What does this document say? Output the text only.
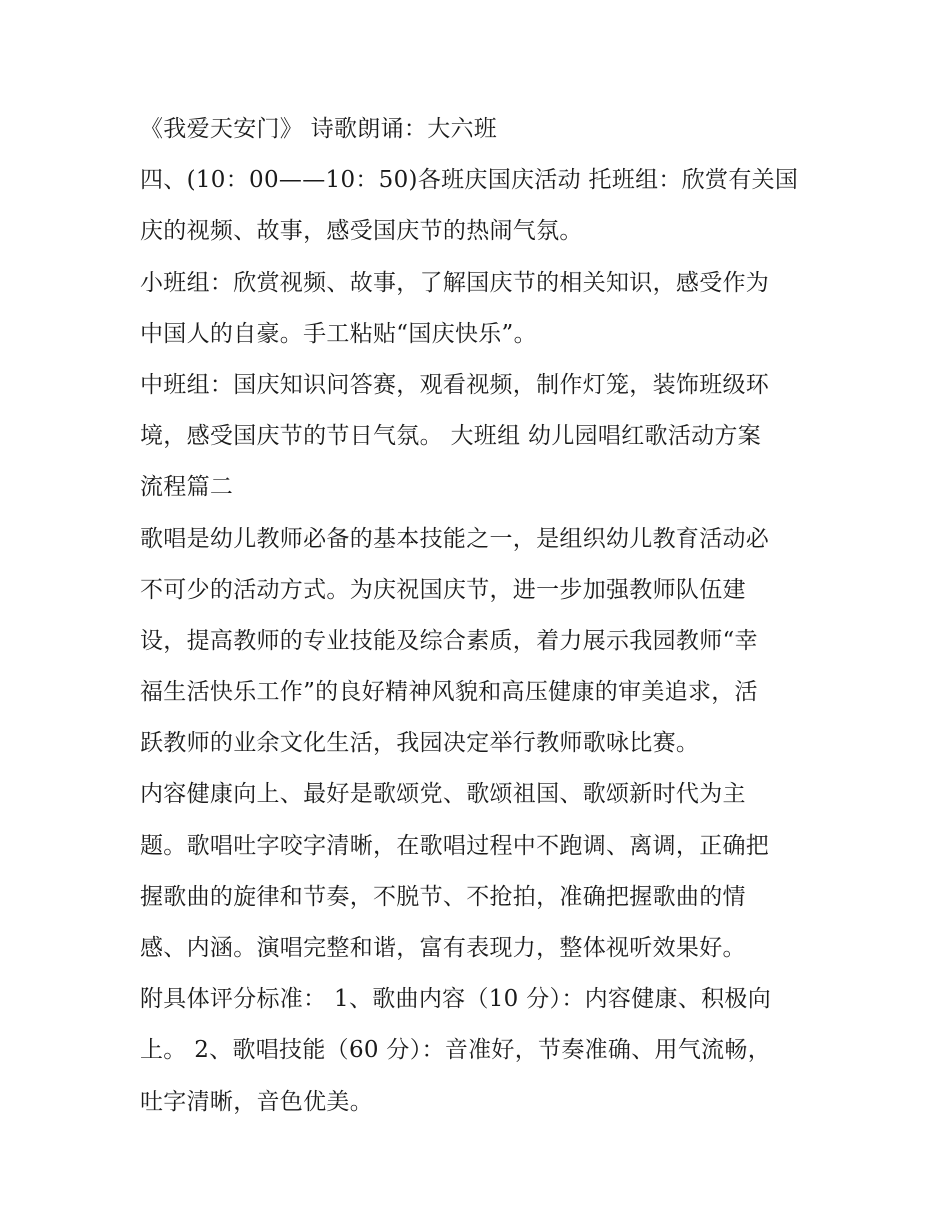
《我爱天安门》 诗歌朗诵：大六班
四、(10：00——10：50)各班庆国庆活动 托班组：欣赏有关国
庆的视频、故事，感受国庆节的热闹气氛。
小班组：欣赏视频、故事，了解国庆节的相关知识，感受作为
中国人的自豪。手工粘贴“国庆快乐”。
中班组：国庆知识问答赛，观看视频，制作灯笼，装饰班级环
境，感受国庆节的节日气氛。 大班组 幼儿园唱红歌活动方案
流程篇二
歌唱是幼儿教师必备的基本技能之一，是组织幼儿教育活动必
不可少的活动方式。为庆祝国庆节，进一步加强教师队伍建
设，提高教师的专业技能及综合素质，着力展示我园教师“幸
福生活快乐工作”的良好精神风貌和高压健康的审美追求，活
跃教师的业余文化生活，我园决定举行教师歌咏比赛。
内容健康向上、最好是歌颂党、歌颂祖国、歌颂新时代为主
题。歌唱吐字咬字清晰，在歌唱过程中不跑调、离调，正确把
握歌曲的旋律和节奏，不脱节、不抢拍，准确把握歌曲的情
感、内涵。演唱完整和谐，富有表现力，整体视听效果好。
附具体评分标准： 1、歌曲内容（10 分）：内容健康、积极向
上。 2、歌唱技能（60 分）：音准好，节奏准确、用气流畅，
吐字清晰，音色优美。
